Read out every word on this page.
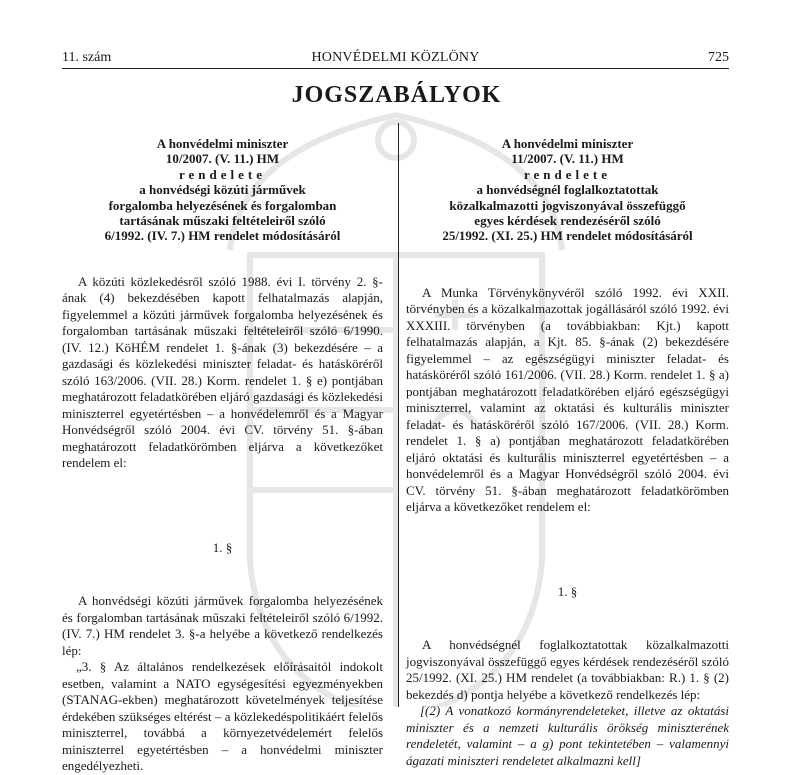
11. szám	HONVÉDELMI KÖZLÖNY	725
JOGSZABÁLYOK
A honvédelmi miniszter
10/2007. (V. 11.) HM
rendelete
a honvédségi közúti járművek
forgalomba helyezésének és forgalomban
tartásának műszaki feltételeiről szóló
6/1992. (IV. 7.) HM rendelet módosításáról

A közúti közlekedésről szóló 1988. évi I. törvény 2. §-ának (4) bekezdésében kapott felhatalmazás alapján, figyelemmel a közúti járművek forgalomba helyezésének és forgalomban tartásának műszaki feltételeiről szóló 6/1990. (IV. 12.) KöHÉM rendelet 1. §-ának (3) bekezdésére – a gazdasági és közlekedési miniszter feladat- és hatásköréről szóló 163/2006. (VII. 28.) Korm. rendelet 1. § e) pontjában meghatározott feladatkörében eljáró gazdasági és közlekedési miniszterrel egyetértésben – a honvédelemről és a Magyar Honvédségről szóló 2004. évi CV. törvény 51. §-ában meghatározott feladatkörömben eljárva a következőket rendelem el:

1. §

A honvédségi közúti járművek forgalomba helyezésének és forgalomban tartásának műszaki feltételeiről szóló 6/1992. (IV. 7.) HM rendelet 3. §-a helyébe a következő rendelkezés lép:

„3. § Az általános rendelkezések előírásaitól indokolt esetben, valamint a NATO egységesítési egyezményekben (STANAG-ekben) meghatározott követelmények teljesítése érdekében szükséges eltérést – a közlekedéspolitikáért felelős miniszterrel, továbbá a környezetvédelemért felelős miniszterrel egyetértésben – a honvédelmi miniszter engedélyezheti.

A honvédelmi miniszter
11/2007. (V. 11.) HM
rendelete
a honvédségnél foglalkoztatottak
közalkalmazotti jogviszonyával összefüggő
egyes kérdések rendezéséről szóló
25/1992. (XI. 25.) HM rendelet módosításáról

A Munka Törvénykönyvéről szóló 1992. évi XXII. törvényben és a közalkalmazottak jogállásáról szóló 1992. évi XXXIII. törvényben (a továbbiakban: Kjt.) kapott felhatalmazás alapján, a Kjt. 85. §-ának (2) bekezdésére figyelemmel – az egészségügyi miniszter feladat- és hatásköréről szóló 161/2006. (VII. 28.) Korm. rendelet 1. § a) pontjában meghatározott feladatkörében eljáró egészségügyi miniszterrel, valamint az oktatási és kulturális miniszter feladat- és hatásköréről szóló 167/2006. (VII. 28.) Korm. rendelet 1. § a) pontjában meghatározott feladatkörében eljáró oktatási és kulturális miniszterrel egyetértésben – a honvédelemről és a Magyar Honvédségről szóló 2004. évi CV. törvény 51. §-ában meghatározott feladatkörömben eljárva a következőket rendelem el:

1. §

A honvédségnél foglalkoztatottak közalkalmazotti jogviszonyával összefüggő egyes kérdések rendezéséről szóló 25/1992. (XI. 25.) HM rendelet (a továbbiakban: R.) 1. § (2) bekezdés d) pontja helyébe a következő rendelkezés lép:

[(2) A vonatkozó kormányrendeleteket, illetve az oktatási miniszter és a nemzeti kulturális örökség miniszterének rendeletét, valamint – a g) pont tekintetében – valamennyi ágazati miniszteri rendeletet alkalmazni kell]
